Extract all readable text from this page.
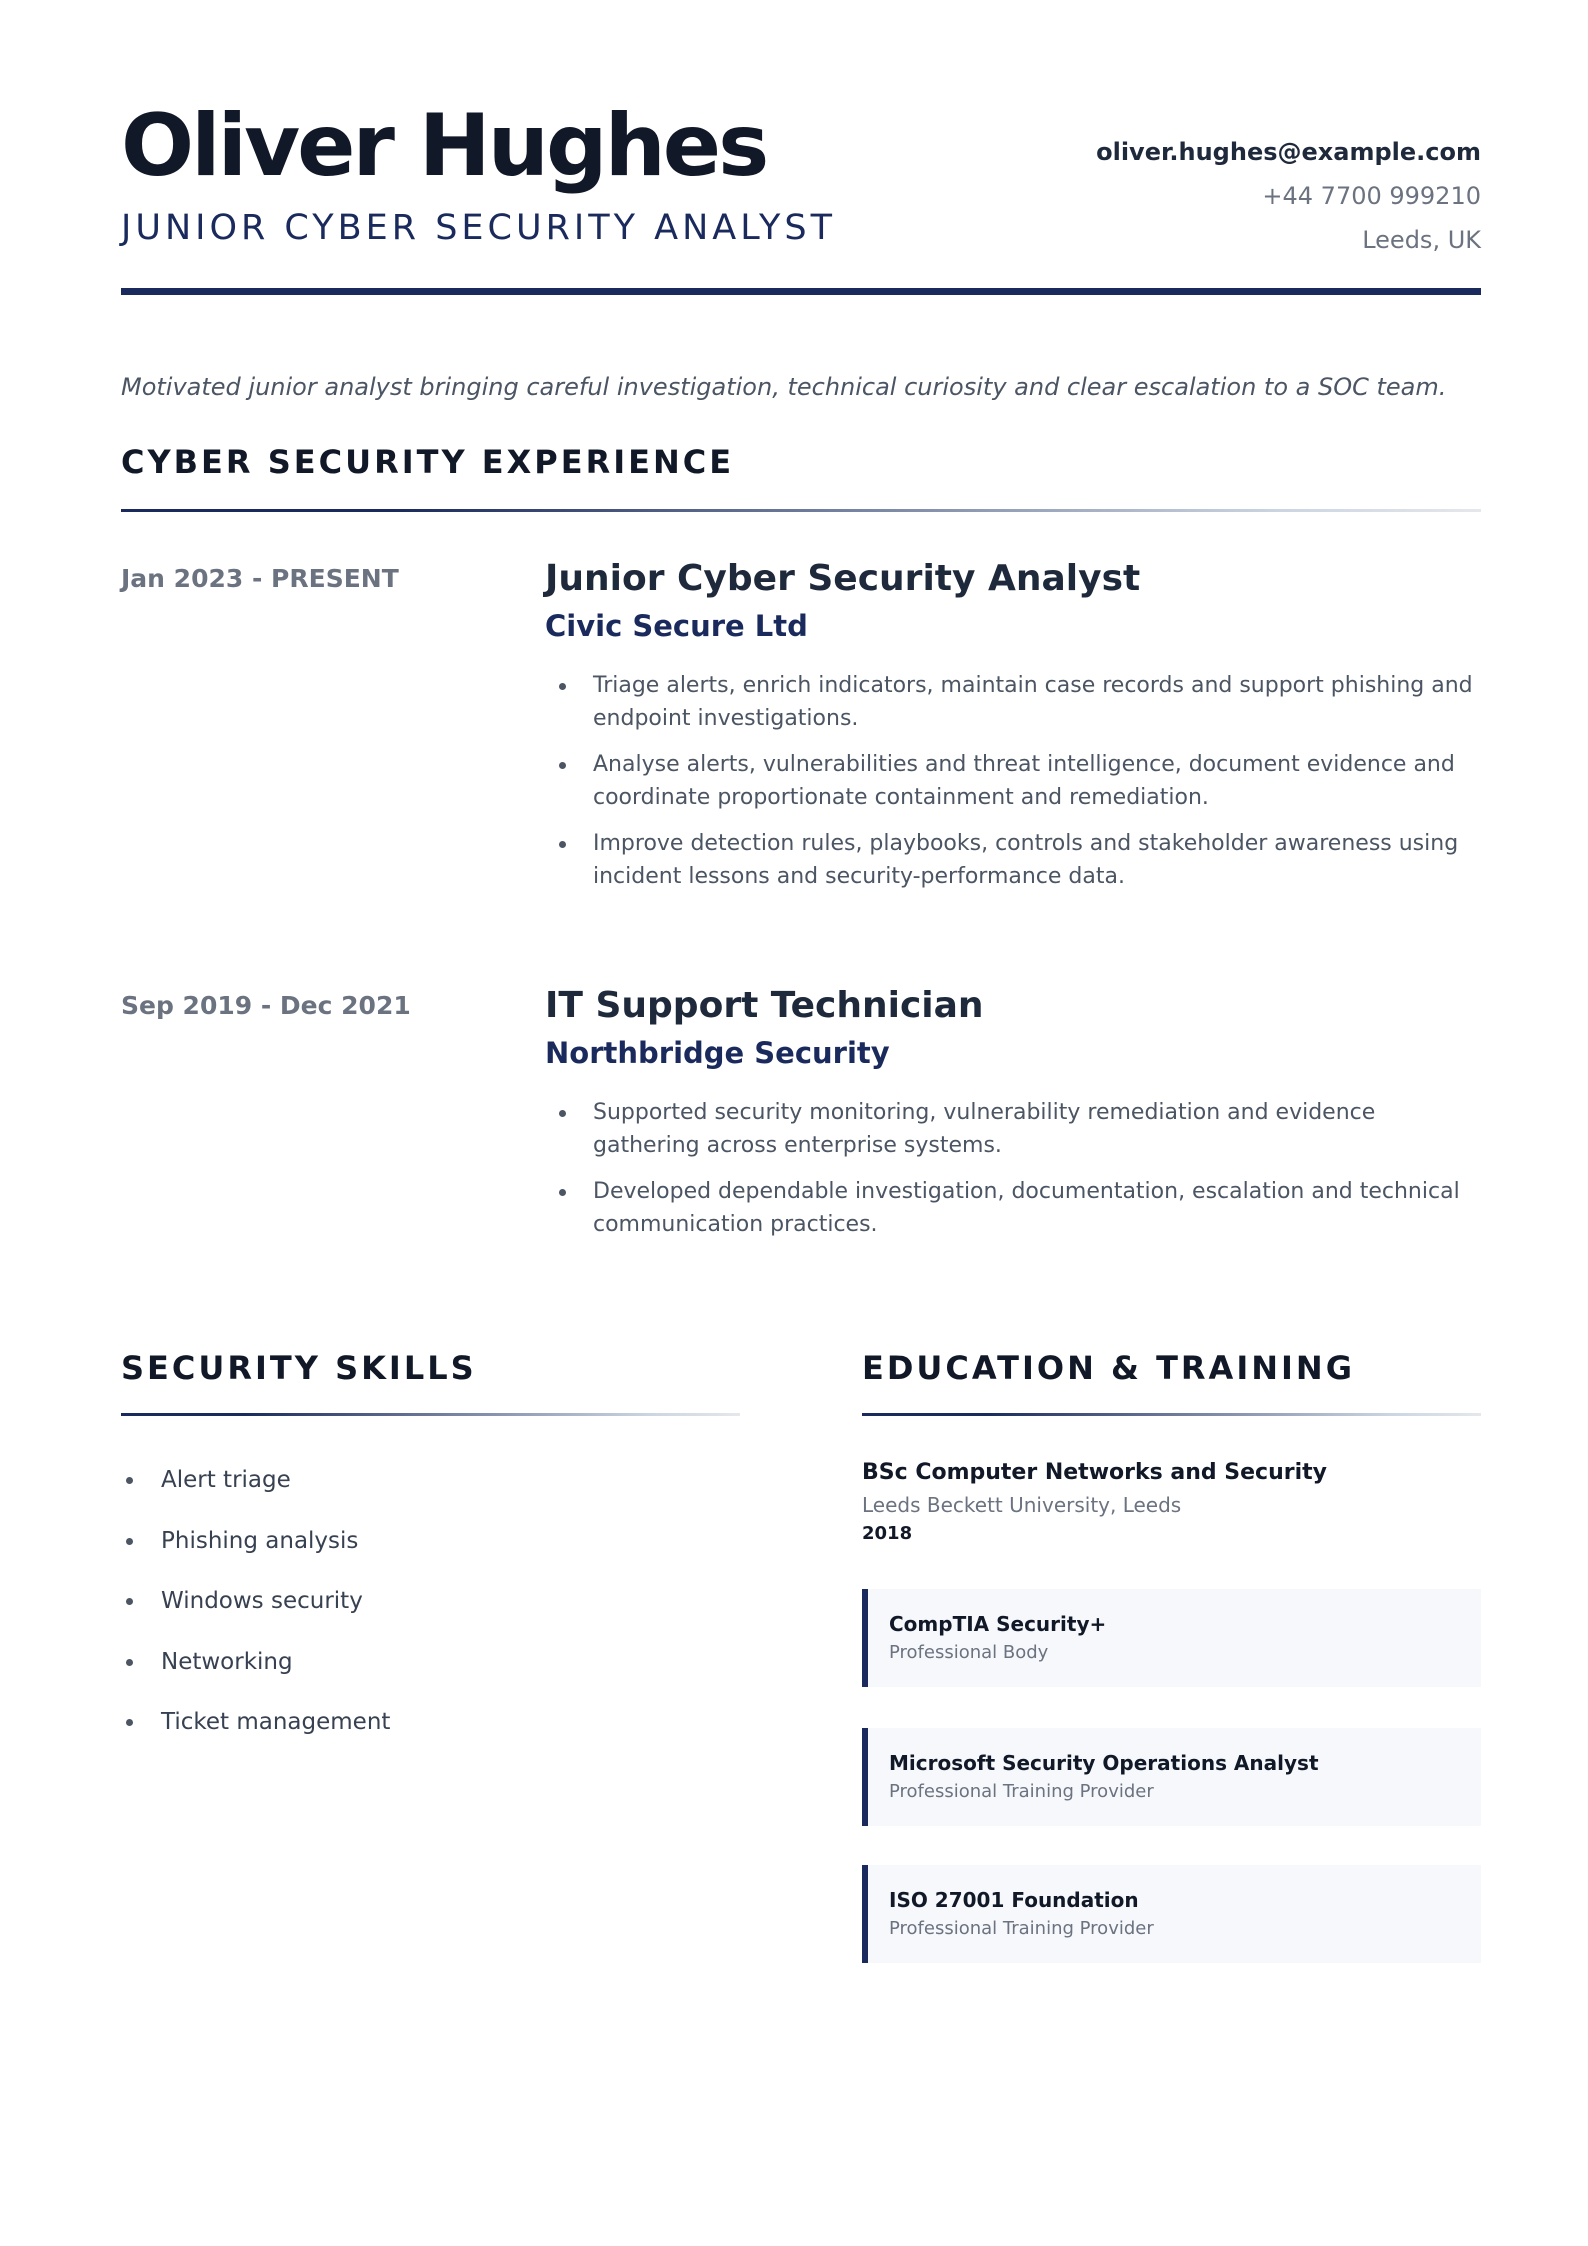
Oliver Hughes
JUNIOR CYBER SECURITY ANALYST
oliver.hughes@example.com
+44 7700 999210
Leeds, UK

Motivated junior analyst bringing careful investigation, technical curiosity and clear escalation to a SOC team.

CYBER SECURITY EXPERIENCE
Jan 2023 - PRESENT	Junior Cyber Security Analyst
Civic Secure Ltd
Triage alerts, enrich indicators, maintain case records and support phishing and endpoint investigations.
Analyse alerts, vulnerabilities and threat intelligence, document evidence and coordinate proportionate containment and remediation.
Improve detection rules, playbooks, controls and stakeholder awareness using incident lessons and security-performance data.
Sep 2019 - Dec 2021	IT Support Technician
Northbridge Security
Supported security monitoring, vulnerability remediation and evidence gathering across enterprise systems.
Developed dependable investigation, documentation, escalation and technical communication practices.
SECURITY SKILLS
Alert triage
Phishing analysis
Windows security
Networking
Ticket management
EDUCATION & TRAINING
BSc Computer Networks and Security
Leeds Beckett University, Leeds
2018
CompTIA Security+
Professional Body
Microsoft Security Operations Analyst
Professional Training Provider
ISO 27001 Foundation
Professional Training Provider
